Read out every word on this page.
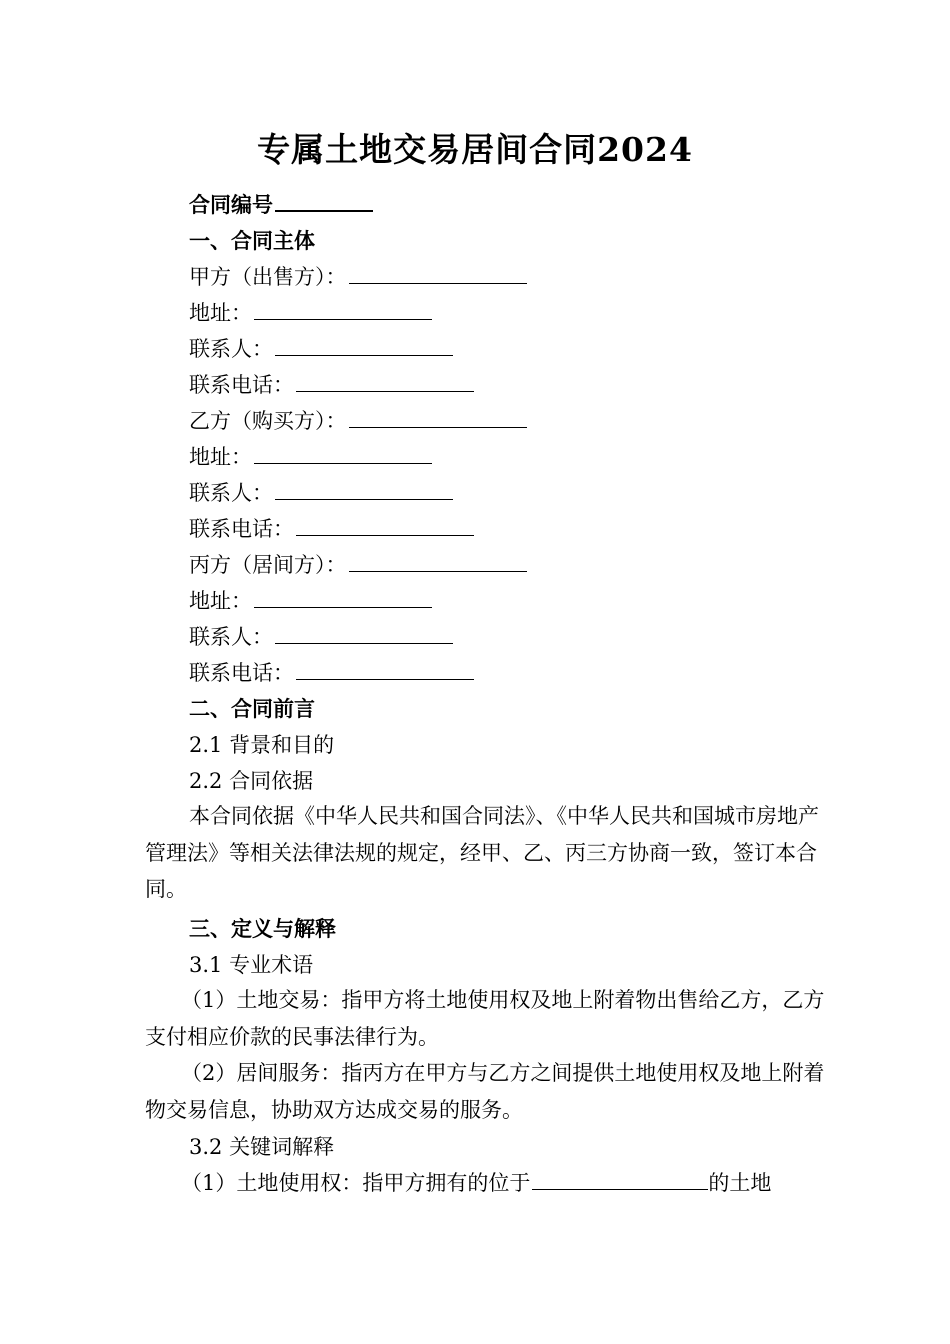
专属土地交易居间合同2024
合同编号
一、合同主体
甲方（出售方）：
地址：
联系人：
联系电话：
乙方（购买方）：
地址：
联系人：
联系电话：
丙方（居间方）：
地址：
联系人：
联系电话：
二、合同前言
2.1 背景和目的
2.2 合同依据
本合同依据《中华人民共和国合同法》、《中华人民共和国城市房地产管理法》等相关法律法规的规定，经甲、乙、丙三方协商一致，签订本合同。
三、定义与解释
3.1 专业术语
（1）土地交易：指甲方将土地使用权及地上附着物出售给乙方，乙方支付相应价款的民事法律行为。
（2）居间服务：指丙方在甲方与乙方之间提供土地使用权及地上附着物交易信息，协助双方达成交易的服务。
3.2 关键词解释
（1）土地使用权：指甲方拥有的位于	的土地
